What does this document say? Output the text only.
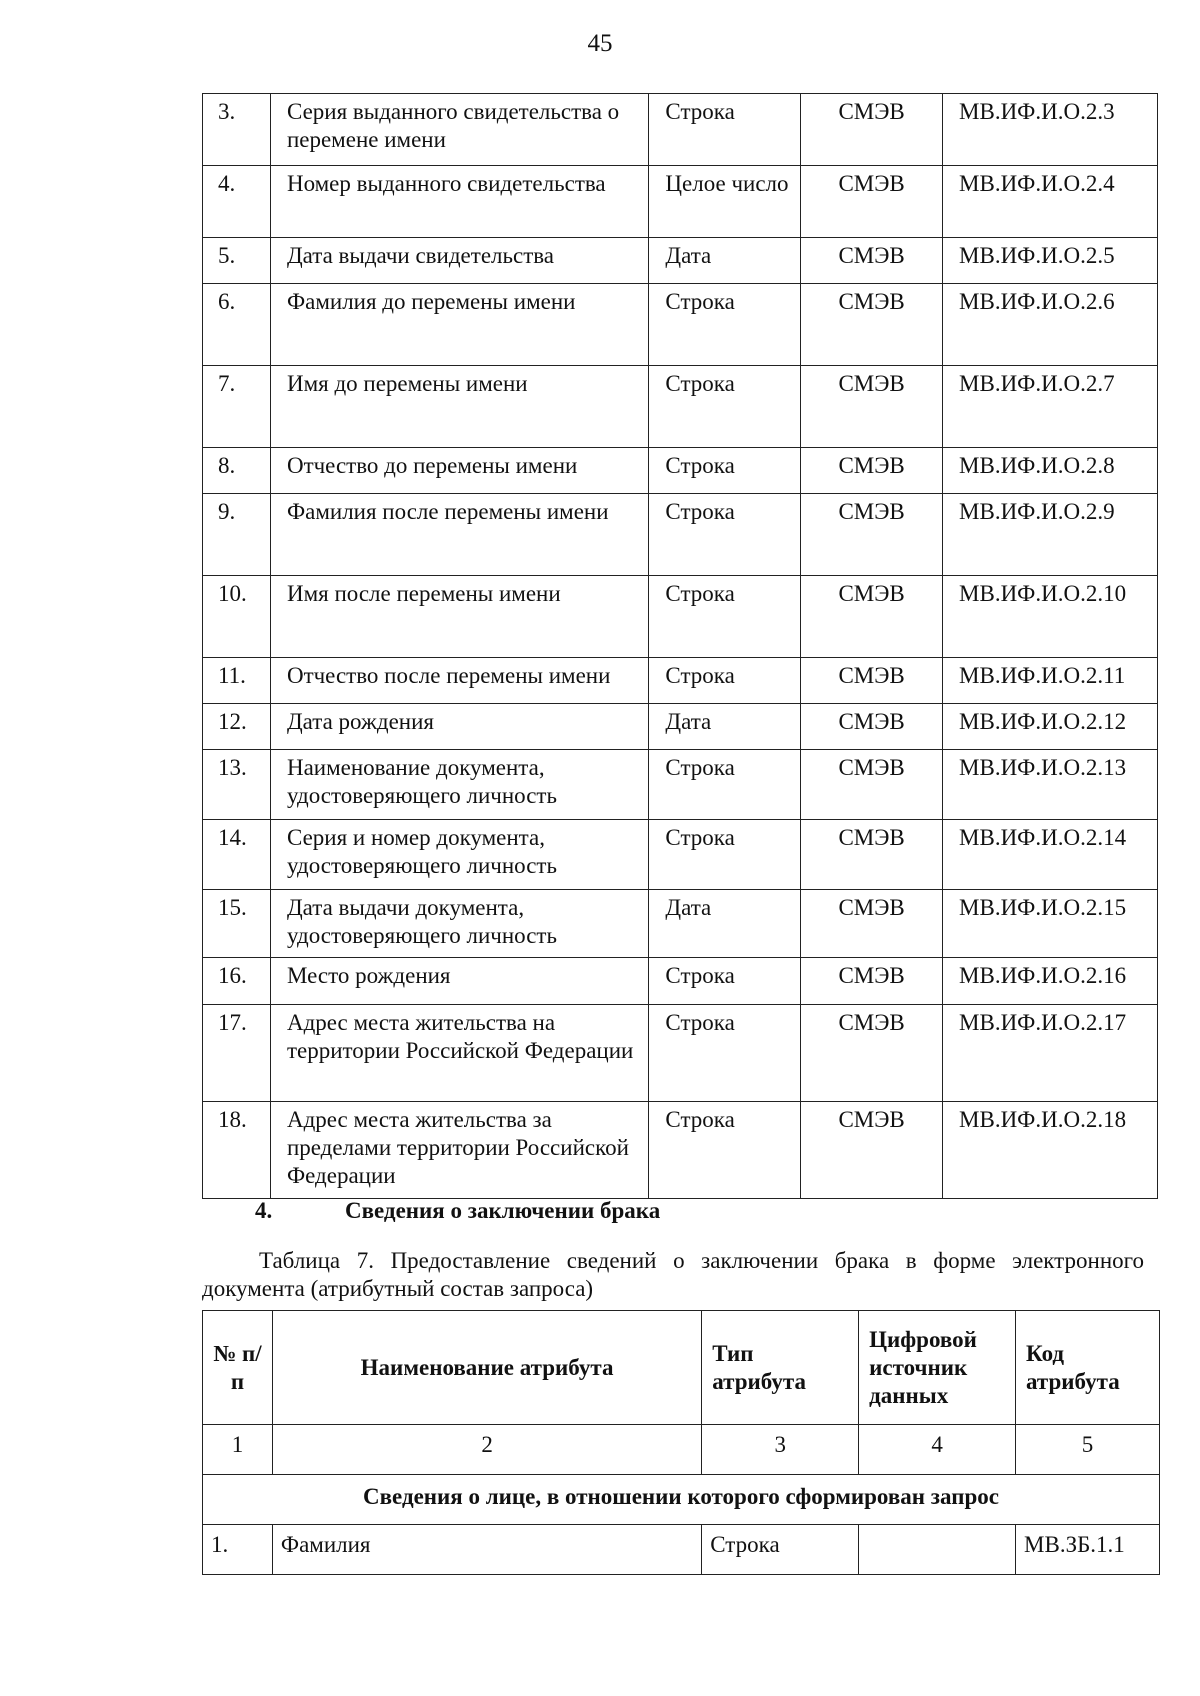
45
3.	Серия выданного свидетельства о перемене имени	Строка	СМЭВ	МВ.ИФ.И.О.2.3
4.	Номер выданного свидетельства	Целое число	СМЭВ	МВ.ИФ.И.О.2.4
5.	Дата выдачи свидетельства	Дата	СМЭВ	МВ.ИФ.И.О.2.5
6.	Фамилия до перемены имени	Строка	СМЭВ	МВ.ИФ.И.О.2.6
7.	Имя до перемены имени	Строка	СМЭВ	МВ.ИФ.И.О.2.7
8.	Отчество до перемены имени	Строка	СМЭВ	МВ.ИФ.И.О.2.8
9.	Фамилия после перемены имени	Строка	СМЭВ	МВ.ИФ.И.О.2.9
10.	Имя после перемены имени	Строка	СМЭВ	МВ.ИФ.И.О.2.10
11.	Отчество после перемены имени	Строка	СМЭВ	МВ.ИФ.И.О.2.11
12.	Дата рождения	Дата	СМЭВ	МВ.ИФ.И.О.2.12
13.	Наименование документа, удостоверяющего личность	Строка	СМЭВ	МВ.ИФ.И.О.2.13
14.	Серия и номер документа, удостоверяющего личность	Строка	СМЭВ	МВ.ИФ.И.О.2.14
15.	Дата выдачи документа, удостоверяющего личность	Дата	СМЭВ	МВ.ИФ.И.О.2.15
16.	Место рождения	Строка	СМЭВ	МВ.ИФ.И.О.2.16
17.	Адрес места жительства на территории Российской Федерации	Строка	СМЭВ	МВ.ИФ.И.О.2.17
18.	Адрес места жительства за пределами территории Российской Федерации	Строка	СМЭВ	МВ.ИФ.И.О.2.18
4.	Сведения о заключении брака
Таблица 7. Предоставление сведений о заключении брака в форме электронного
документа (атрибутный состав запроса)
№ п/п	Наименование атрибута	Тип атрибута	Цифровой источник данных	Код атрибута
1	2	3	4	5
Сведения о лице, в отношении которого сформирован запрос				
1.	Фамилия	Строка		МВ.ЗБ.1.1
